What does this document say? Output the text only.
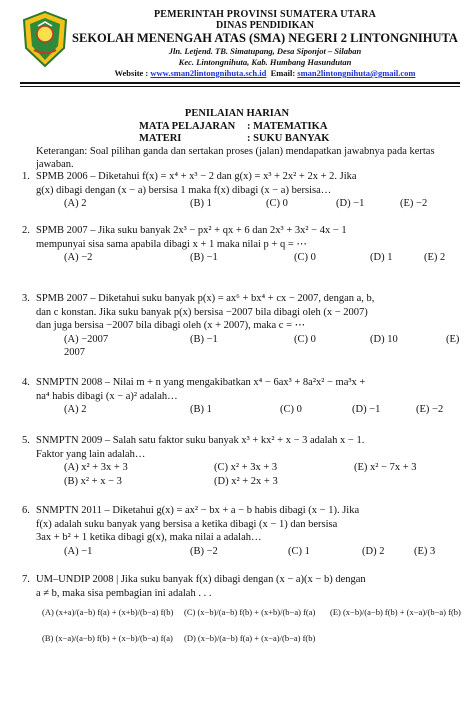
PEMERINTAH PROVINSI SUMATERA UTARA
DINAS PENDIDIKAN
SEKOLAH MENENGAH ATAS (SMA) NEGERI 2 LINTONGNIHUTA
Jln. Letjend. TB. Simatupang, Desa Siponjot – Silaban
Kec. Lintongnihuta, Kab. Humbang Hasundutan
Website : www.sman2lintongnihuta.sch.id  Email: sman2lintongnihuta@gmail.com
PENILAIAN HARIAN
MATA PELAJARAN : MATEMATIKA
MATERI	: SUKU BANYAK
Keterangan: Soal pilihan ganda dan sertakan proses (jalan) mendapatkan jawabnya pada kertas jawaban.
1. SPMB 2006 – Diketahui f(x) = x⁴ + x³ − 2 dan g(x) = x³ + 2x² + 2x + 2. Jika
g(x) dibagi dengan (x − a) bersisa 1 maka f(x) dibagi (x − a) bersisa…
(A) 2	(B) 1	(C) 0	(D) −1	(E) −2
2. SPMB 2007 – Jika suku banyak 2x³ − px² + qx + 6 dan 2x³ + 3x² − 4x − 1
mempunyai sisa sama apabila dibagi x + 1 maka nilai p + q = ⋯
(A) −2	(B) −1	(C) 0	(D) 1	(E) 2
3. SPMB 2007 – Diketahui suku banyak p(x) = ax⁶ + bx⁴ + cx − 2007, dengan a, b,
dan c konstan. Jika suku banyak p(x) bersisa −2007 bila dibagi oleh (x − 2007)
dan juga bersisa −2007 bila dibagi oleh (x + 2007), maka c = ⋯
(A) −2007	(B) −1	(C) 0	(D) 10	(E)
2007
4. SNMPTN 2008 – Nilai m + n yang mengakibatkan x⁴ − 6ax³ + 8a²x² − ma³x +
na⁴ habis dibagi (x − a)² adalah…
(A) 2	(B) 1	(C) 0	(D) −1	(E) −2
5. SNMPTN 2009 – Salah satu faktor suku banyak x³ + kx² + x − 3 adalah x − 1.
Faktor yang lain adalah…
(A) x² + 3x + 3	(C) x² + 3x + 3	(E) x² − 7x + 3
(B) x² + x − 3	(D) x² + 2x + 3
6. SNMPTN 2011 – Diketahui g(x) = ax² − bx + a − b habis dibagi (x − 1). Jika
f(x) adalah suku banyak yang bersisa a ketika dibagi (x − 1) dan bersisa
3ax + b² + 1 ketika dibagi g(x), maka nilai a adalah…
(A) −1	(B) −2	(C) 1	(D) 2	(E) 3
7. UM–UNDIP 2008 | Jika suku banyak f(x) dibagi dengan (x − a)(x − b) dengan
a ≠ b, maka sisa pembagian ini adalah . . .
(A) (x+a)/(a−b) f(a) + (x+b)/(b−a) f(b) (C) (x−b)/(a−b) f(b) + (x+b)/(b−a) f(a) (E) (x−b)/(a−b) f(b) + (x−a)/(b−a) f(b)
(B) (x−a)/(a−b) f(b) + (x−b)/(b−a) f(a) (D) (x−b)/(a−b) f(a) + (x−a)/(b−a) f(b)
